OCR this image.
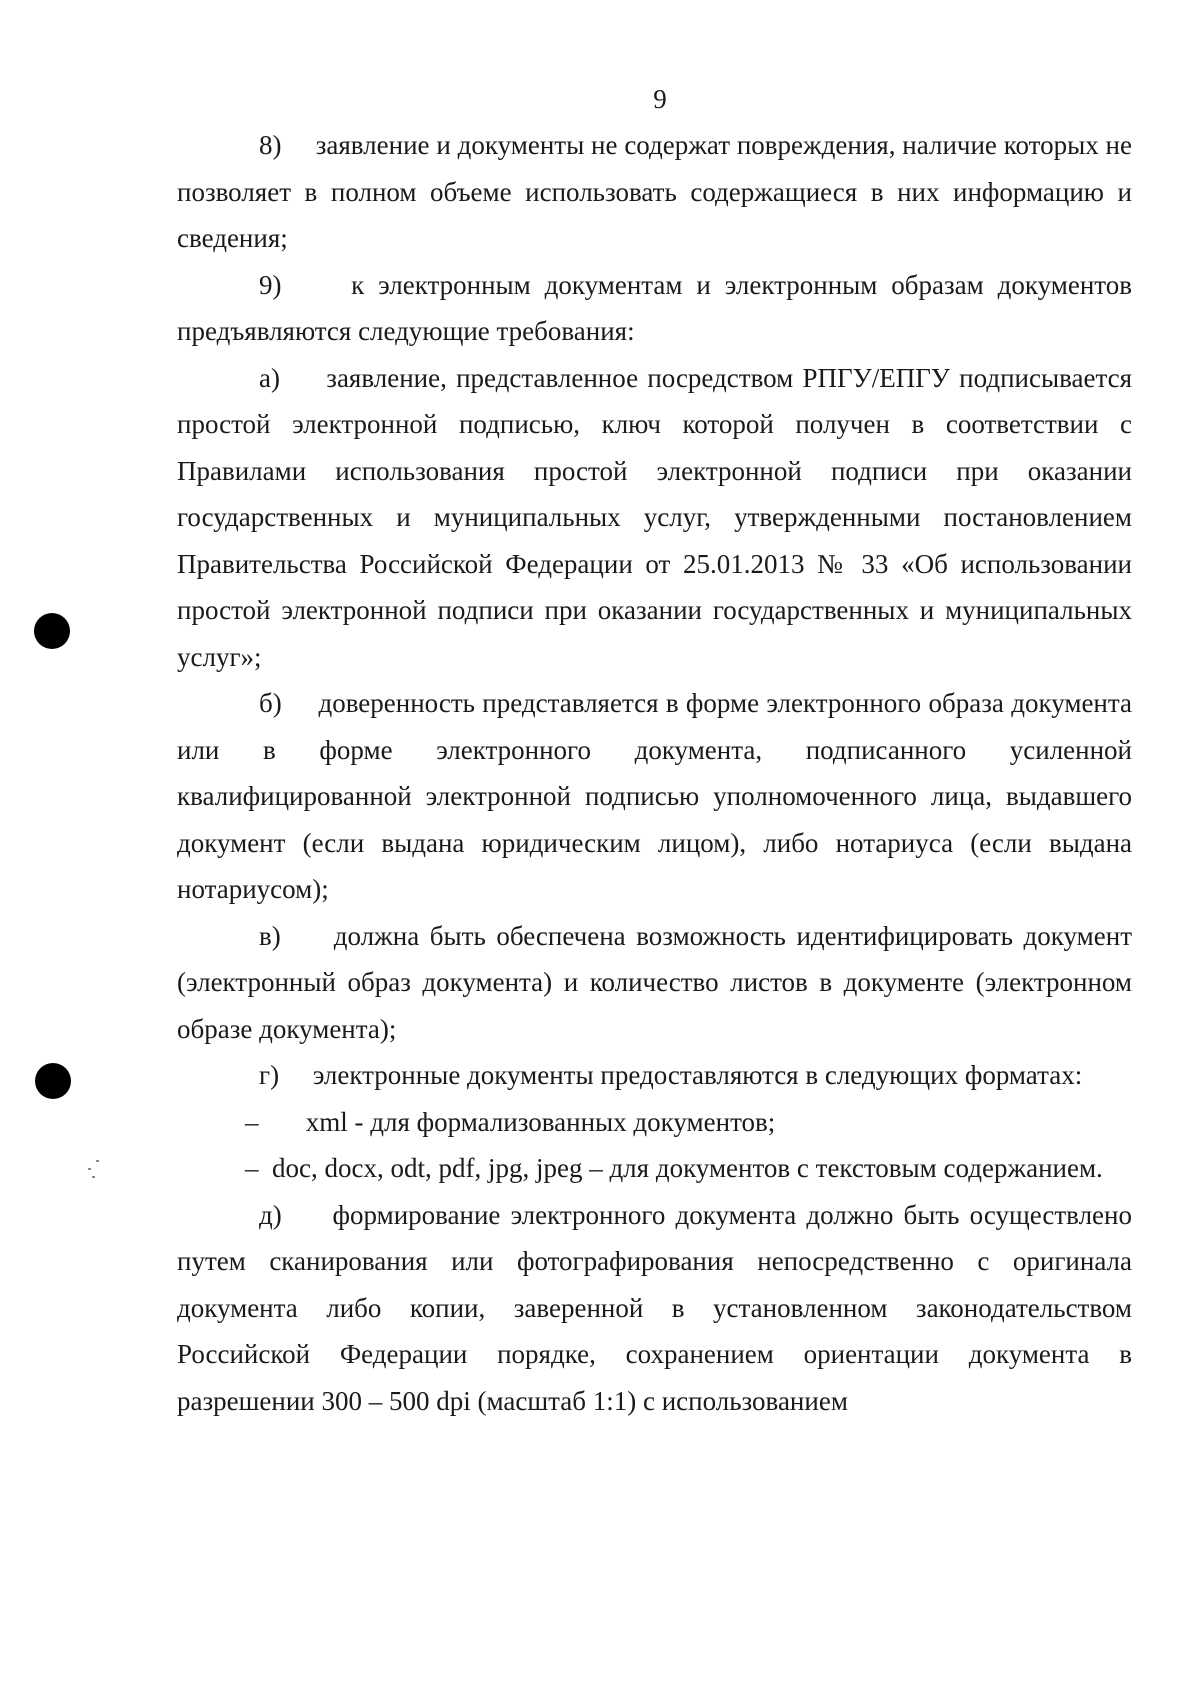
9

8) заявление и документы не содержат повреждения, наличие которых не позволяет в полном объеме использовать содержащиеся в них информацию и сведения;

9)	к электронным документам и электронным образам документов предъявляются следующие требования:

а) заявление, представленное посредством РПГУ/ЕПГУ подписывается простой электронной подписью, ключ которой получен в соответствии с Правилами использования простой электронной подписи при оказании государственных и муниципальных услуг, утвержденными постановлением Правительства Российской Федерации от 25.01.2013 № 33 «Об использовании простой электронной подписи при оказании государственных и муниципальных услуг»;

б) доверенность представляется в форме электронного образа документа или в форме электронного документа, подписанного усиленной квалифицированной электронной подписью уполномоченного лица, выдавшего документ (если выдана юридическим лицом), либо нотариуса (если выдана нотариусом);

в) должна быть обеспечена возможность идентифицировать документ (электронный образ документа) и количество листов в документе (электронном образе документа);

г) электронные документы предоставляются в следующих форматах:

– xml - для формализованных документов;

– doc, docx, odt, pdf, jpg, jpeg – для документов с текстовым содержанием.

д) формирование электронного документа должно быть осуществлено путем сканирования или фотографирования непосредственно с оригинала документа либо копии, заверенной в установленном законодательством Российской Федерации порядке, сохранением ориентации документа в разрешении 300 – 500 dpi (масштаб 1:1) с использованием
